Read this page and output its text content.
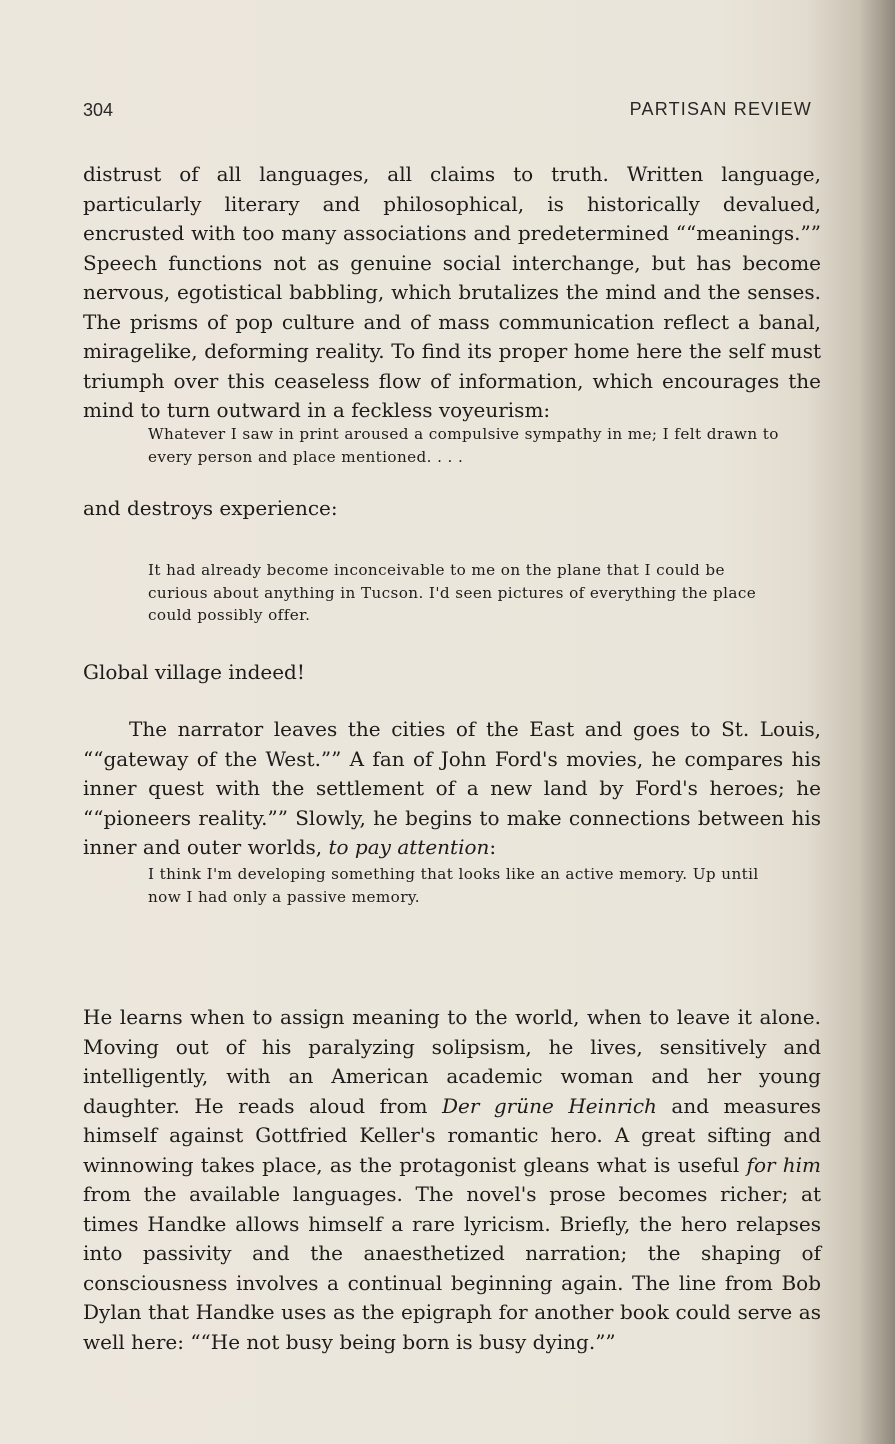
304	PARTISAN REVIEW

distrust of all languages, all claims to truth. Written language, particularly literary and philosophical, is historically devalued, encrusted with too many associations and predetermined ““meanings.”” Speech functions not as genuine social interchange, but has become nervous, egotistical babbling, which brutalizes the mind and the senses. The prisms of pop culture and of mass communication reflect a banal, miragelike, deforming reality. To find its proper home here the self must triumph over this ceaseless flow of information, which encourages the mind to turn outward in a feckless voyeurism:

Whatever I saw in print aroused a compulsive sympathy in me; I felt drawn to every person and place mentioned. . . .

and destroys experience:

It had already become inconceivable to me on the plane that I could be curious about anything in Tucson. I'd seen pictures of everything the place could possibly offer.

Global village indeed!

The narrator leaves the cities of the East and goes to St. Louis, ““gateway of the West.”” A fan of John Ford's movies, he compares his inner quest with the settlement of a new land by Ford's heroes; he ““pioneers reality.”” Slowly, he begins to make connections between his inner and outer worlds, to pay attention:

I think I'm developing something that looks like an active memory. Up until now I had only a passive memory.

He learns when to assign meaning to the world, when to leave it alone. Moving out of his paralyzing solipsism, he lives, sensitively and intelligently, with an American academic woman and her young daughter. He reads aloud from Der grüne Heinrich and measures himself against Gottfried Keller's romantic hero. A great sifting and winnowing takes place, as the protagonist gleans what is useful for him from the available languages. The novel's prose becomes richer; at times Handke allows himself a rare lyricism. Briefly, the hero relapses into passivity and the anaesthetized narration; the shaping of consciousness involves a continual beginning again. The line from Bob Dylan that Handke uses as the epigraph for another book could serve as well here: ““He not busy being born is busy dying.””
